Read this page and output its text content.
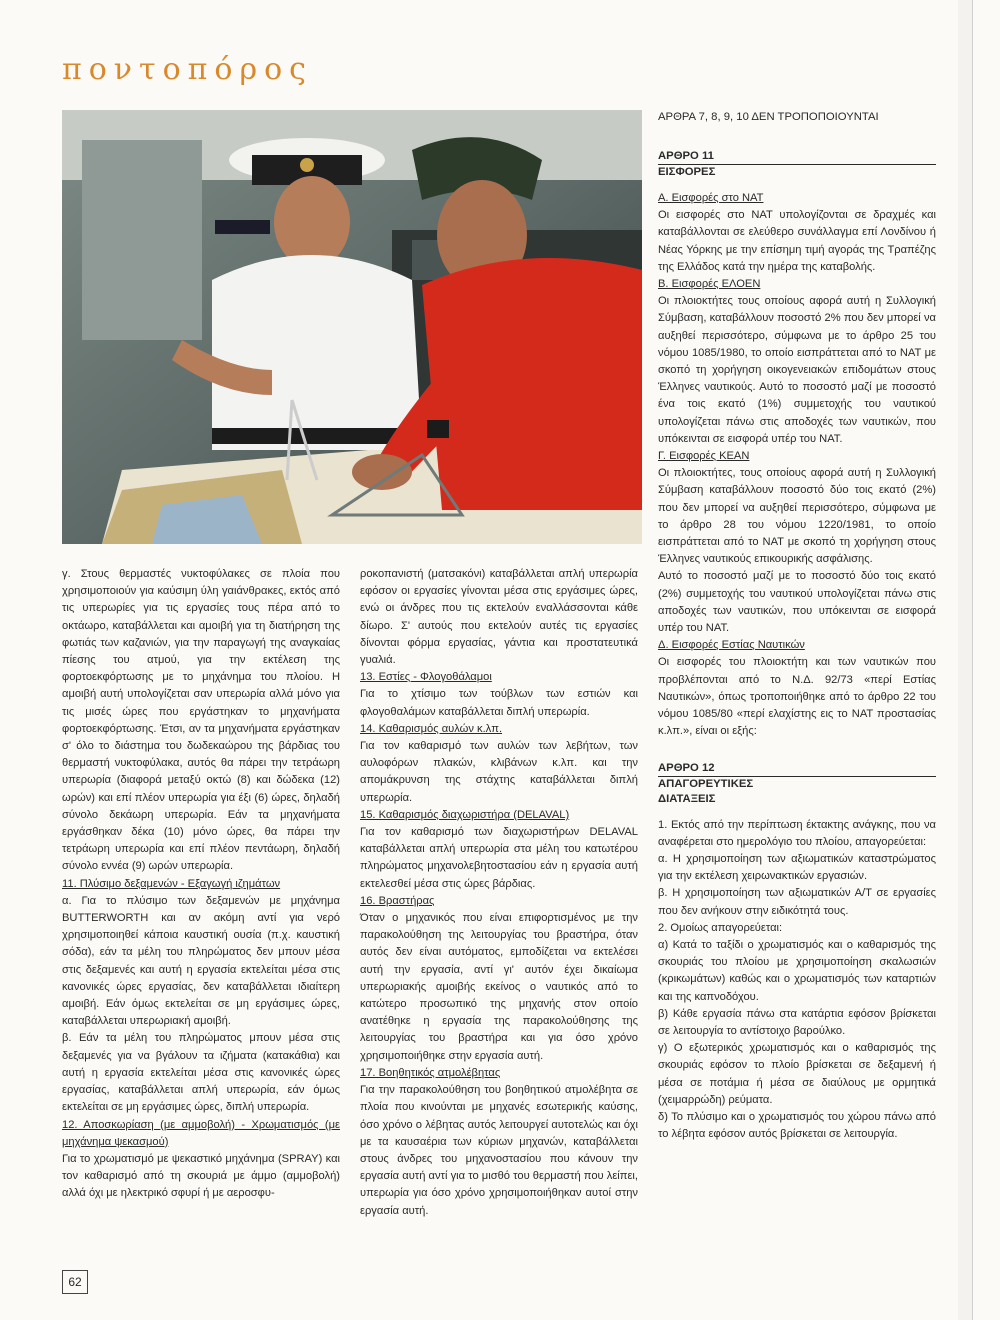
ποντοπόρος

γ. Στους θερμαστές νυκτοφύλακες σε πλοία που χρησιμοποιούν για καύσιμη ύλη γαιάνθρακες, εκτός από τις υπερωρίες για τις εργασίες τους πέρα από το οκτάωρο, καταβάλλεται και αμοιβή για τη διατήρηση της φωτιάς των καζανιών, για την παραγωγή της αναγκαίας πίεσης του ατμού, για την εκτέλεση της φορτοεκφόρτωσης με το μηχάνημα του πλοίου. Η αμοιβή αυτή υπολογίζεται σαν υπερωρία αλλά μόνο για τις μισές ώρες που εργάστηκαν το μηχανήματα φορτοεκφόρτωσης. Έτσι, αν τα μηχανήματα εργάστηκαν σ' όλο το διάστημα του δωδεκαώρου της βάρδιας του θερμαστή νυκτοφύλακα, αυτός θα πάρει την τετράωρη υπερωρία (διαφορά μεταξύ οκτώ (8) και δώδεκα (12) ωρών) και επί πλέον υπερωρία για έξι (6) ώρες, δηλαδή σύνολο δεκάωρη υπερωρία. Εάν τα μηχανήματα εργάσθηκαν δέκα (10) μόνο ώρες, θα πάρει την τετράωρη υπερωρία και επί πλέον πεντάωρη, δηλαδή σύνολο εννέα (9) ωρών υπερωρία.

11. Πλύσιμο δεξαμενών - Εξαγωγή ιζημάτων

α. Για το πλύσιμο των δεξαμενών με μηχάνημα BUTTERWORTH και αν ακόμη αντί για νερό χρησιμοποιηθεί κάποια καυστική ουσία (π.χ. καυστική σόδα), εάν τα μέλη του πληρώματος δεν μπουν μέσα στις δεξαμενές και αυτή η εργασία εκτελείται μέσα στις κανονικές ώρες εργασίας, δεν καταβάλλεται ιδιαίτερη αμοιβή. Εάν όμως εκτελείται σε μη εργάσιμες ώρες, καταβάλλεται υπερωριακή αμοιβή.

β. Εάν τα μέλη του πληρώματος μπουν μέσα στις δεξαμενές για να βγάλουν τα ιζήματα (κατακάθια) και αυτή η εργασία εκτελείται μέσα στις κανονικές ώρες εργασίας, καταβάλλεται απλή υπερωρία, εάν όμως εκτελείται σε μη εργάσιμες ώρες, διπλή υπερωρία.

12. Αποσκωρίαση (με αμμοβολή) - Χρωματισμός (με μηχάνημα ψεκασμού)

Για το χρωματισμό με ψεκαστικό μηχάνημα (SPRAY) και τον καθαρισμό από τη σκουριά με άμμο (αμμοβολή) αλλά όχι με ηλεκτρικό σφυρί ή με αεροσφυ-

ροκοπανιστή (ματσακόνι) καταβάλλεται απλή υπερωρία εφόσον οι εργασίες γίνονται μέσα στις εργάσιμες ώρες, ενώ οι άνδρες που τις εκτελούν εναλλάσσονται κάθε δίωρο. Σ' αυτούς που εκτελούν αυτές τις εργασίες δίνονται φόρμα εργασίας, γάντια και προστατευτικά γυαλιά.

13. Εστίες - Φλογοθάλαμοι

Για το χτίσιμο των τούβλων των εστιών και φλογοθαλάμων καταβάλλεται διπλή υπερωρία.

14. Καθαρισμός αυλών κ.λπ.

Για τον καθαρισμό των αυλών των λεβήτων, των αυλοφόρων πλακών, κλιβάνων κ.λπ. και την απομάκρυνση της στάχτης καταβάλλεται διπλή υπερωρία.

15. Καθαρισμός διαχωριστήρα (DELAVAL)

Για τον καθαρισμό των διαχωριστήρων DELAVAL καταβάλλεται απλή υπερωρία στα μέλη του κατωτέρου πληρώματος μηχανολεβητοστασίου εάν η εργασία αυτή εκτελεσθεί μέσα στις ώρες βάρδιας.

16. Βραστήρας

Όταν ο μηχανικός που είναι επιφορτισμένος με την παρακολούθηση της λειτουργίας του βραστήρα, όταν αυτός δεν είναι αυτόματος, εμποδίζεται να εκτελέσει αυτή την εργασία, αντί γι' αυτόν έχει δικαίωμα υπερωριακής αμοιβής εκείνος ο ναυτικός από το κατώτερο προσωπικό της μηχανής στον οποίο ανατέθηκε η εργασία της παρακολούθησης της λειτουργίας του βραστήρα και για όσο χρόνο χρησιμοποιήθηκε στην εργασία αυτή.

17. Βοηθητικός ατμολέβητας

Για την παρακολούθηση του βοηθητικού ατμολέβητα σε πλοία που κινούνται με μηχανές εσωτερικής καύσης, όσο χρόνο ο λέβητας αυτός λειτουργεί αυτοτελώς και όχι με τα καυσαέρια των κύριων μηχανών, καταβάλλεται στους άνδρες του μηχανοστασίου που κάνουν την εργασία αυτή αντί για το μισθό του θερμαστή που λείπει, υπερωρία για όσο χρόνο χρησιμοποιήθηκαν αυτοί στην εργασία αυτή.

ΑΡΘΡΑ 7, 8, 9, 10 ΔΕΝ ΤΡΟΠΟΠΟΙΟΥΝΤΑΙ
ΑΡΘΡΟ 11
ΕΙΣΦΟΡΕΣ

Α. Εισφορές στο ΝΑΤ

Οι εισφορές στο ΝΑΤ υπολογίζονται σε δραχμές και καταβάλλονται σε ελεύθερο συνάλλαγμα επί Λονδίνου ή Νέας Υόρκης με την επίσημη τιμή αγοράς της Τραπέζης της Ελλάδος κατά την ημέρα της καταβολής.

Β. Εισφορές ΕΛΟΕΝ

Οι πλοιοκτήτες τους οποίους αφορά αυτή η Συλλογική Σύμβαση, καταβάλλουν ποσοστό 2% που δεν μπορεί να αυξηθεί περισσότερο, σύμφωνα με το άρθρο 25 του νόμου 1085/1980, το οποίο εισπράττεται από το ΝΑΤ με σκοπό τη χορήγηση οικογενειακών επιδομάτων στους Έλληνες ναυτικούς. Αυτό το ποσοστό μαζί με ποσοστό ένα τοις εκατό (1%) συμμετοχής του ναυτικού υπολογίζεται πάνω στις αποδοχές των ναυτικών, που υπόκεινται σε εισφορά υπέρ του ΝΑΤ.

Γ. Εισφορές ΚΕΑΝ

Οι πλοιοκτήτες, τους οποίους αφορά αυτή η Συλλογική Σύμβαση καταβάλλουν ποσοστό δύο τοις εκατό (2%) που δεν μπορεί να αυξηθεί περισσότερο, σύμφωνα με το άρθρο 28 του νόμου 1220/1981, το οποίο εισπράττεται από το ΝΑΤ με σκοπό τη χορήγηση στους Έλληνες ναυτικούς επικουρικής ασφάλισης.

Αυτό το ποσοστό μαζί με το ποσοστό δύο τοις εκατό (2%) συμμετοχής του ναυτικού υπολογίζεται πάνω στις αποδοχές των ναυτικών, που υπόκεινται σε εισφορά υπέρ του ΝΑΤ.

Δ. Εισφορές Εστίας Ναυτικών

Οι εισφορές του πλοιοκτήτη και των ναυτικών που προβλέπονται από το Ν.Δ. 92/73 «περί Εστίας Ναυτικών», όπως τροποποιήθηκε από το άρθρο 22 του νόμου 1085/80 «περί ελαχίστης εις το ΝΑΤ προστασίας κ.λπ.», είναι οι εξής:

ΑΡΘΡΟ 12
ΑΠΑΓΟΡΕΥΤΙΚΕΣ
ΔΙΑΤΑΞΕΙΣ

1. Εκτός από την περίπτωση έκτακτης ανάγκης, που να αναφέρεται στο ημερολόγιο του πλοίου, απαγορεύεται:

α. Η χρησιμοποίηση των αξιωματικών καταστρώματος για την εκτέλεση χειρωνακτικών εργασιών.

β. Η χρησιμοποίηση των αξιωματικών Α/Τ σε εργασίες που δεν ανήκουν στην ειδικότητά τους.

2. Ομοίως απαγορεύεται:

α) Κατά το ταξίδι ο χρωματισμός και ο καθαρισμός της σκουριάς του πλοίου με χρησιμοποίηση σκαλωσιών (κρικωμάτων) καθώς και ο χρωματισμός των καταρτιών και της καπνοδόχου.

β) Κάθε εργασία πάνω στα κατάρτια εφόσον βρίσκεται σε λειτουργία το αντίστοιχο βαρούλκο.

γ) Ο εξωτερικός χρωματισμός και ο καθαρισμός της σκουριάς εφόσον το πλοίο βρίσκεται σε δεξαμενή ή μέσα σε ποτάμια ή μέσα σε διαύλους με ορμητικά (χειμαρρώδη) ρεύματα.

δ) Το πλύσιμο και ο χρωματισμός του χώρου πάνω από το λέβητα εφόσον αυτός βρίσκεται σε λειτουργία.

62
